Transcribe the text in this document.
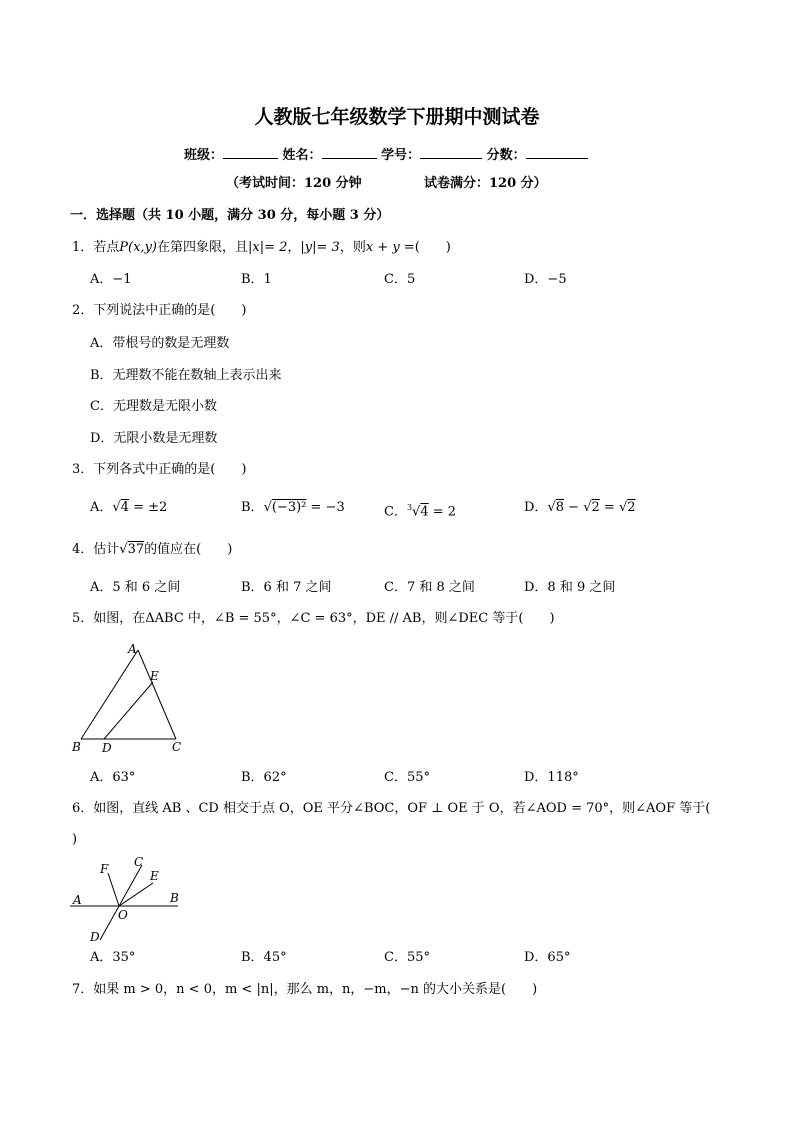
人教版七年级数学下册期中测试卷
班级：	姓名：	学号：	分数：
（考试时间：120 分钟	试卷满分：120 分）
一．选择题（共 10 小题，满分 30 分，每小题 3 分）
1．若点P(x,y)在第四象限，且|x|= 2，|y|= 3，则x + y =(　　)
A．−1	B．1	C．5	D．−5
2．下列说法中正确的是(　　)
A．带根号的数是无理数
B．无理数不能在数轴上表示出来
C．无理数是无限小数
D．无限小数是无理数
3．下列各式中正确的是(　　)
A．√4 = ±2	B．√(−3)² = −3	C．$^3$√4 = 2	D．√8 − √2 = √2
4．估计√37的值应在(　　)
A．5 和 6 之间	B．6 和 7 之间	C．7 和 8 之间	D．8 和 9 之间
5．如图，在ΔABC 中，∠B = 55°，∠C = 63°，DE // AB，则∠DEC 等于(　　)
A
B	C
D
E
A．63°	B．62°	C．55°	D．118°
6．如图，直线 AB 、CD 相交于点 O，OE 平分∠BOC，OF ⊥ OE 于 O，若∠AOD = 70°，则∠AOF 等于(
)
A	B
C
D
E
F
O
A．35°	B．45°	C．55°	D．65°
7．如果 m > 0，n < 0，m < |n|，那么 m，n，−m，−n 的大小关系是(　　)
